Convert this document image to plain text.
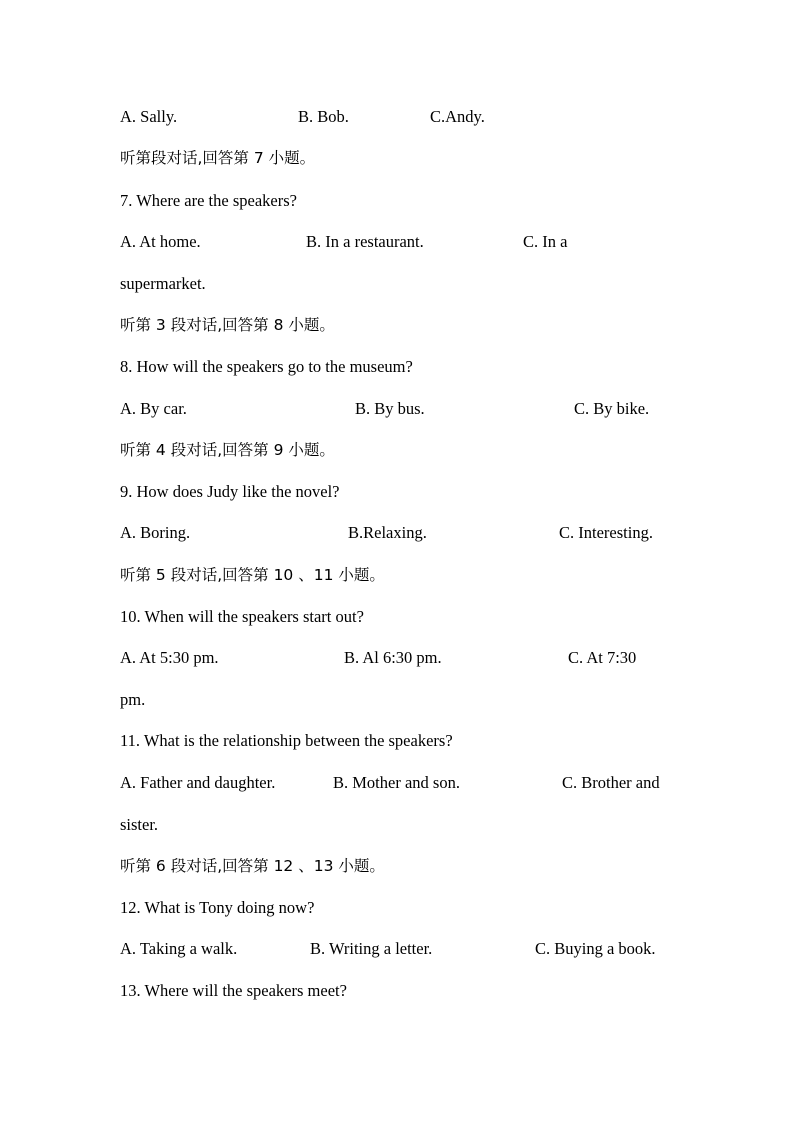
A. Sally.	B. Bob.	C.Andy.
听第段对话,回答第 7 小题。
7. Where are the speakers?
A. At home.	B. In a restaurant.	C. In a
supermarket.
听第 3 段对话,回答第 8 小题。
8. How will the speakers go to the museum?
A. By car.	B. By bus.	C. By bike.
听第 4 段对话,回答第 9 小题。
9. How does Judy like the novel?
A. Boring.	B.Relaxing.	C. Interesting.
听第 5 段对话,回答第 10 、11 小题。
10. When will the speakers start out?
A. At 5:30 pm.	B. Al 6:30 pm.	C. At 7:30
pm.
11. What is the relationship between the speakers?
A. Father and daughter.	B. Mother and son.	C. Brother and
sister.
听第 6 段对话,回答第 12 、13 小题。
12. What is Tony doing now?
A. Taking a walk.	B. Writing a letter.	C. Buying a book.
13. Where will the speakers meet?
